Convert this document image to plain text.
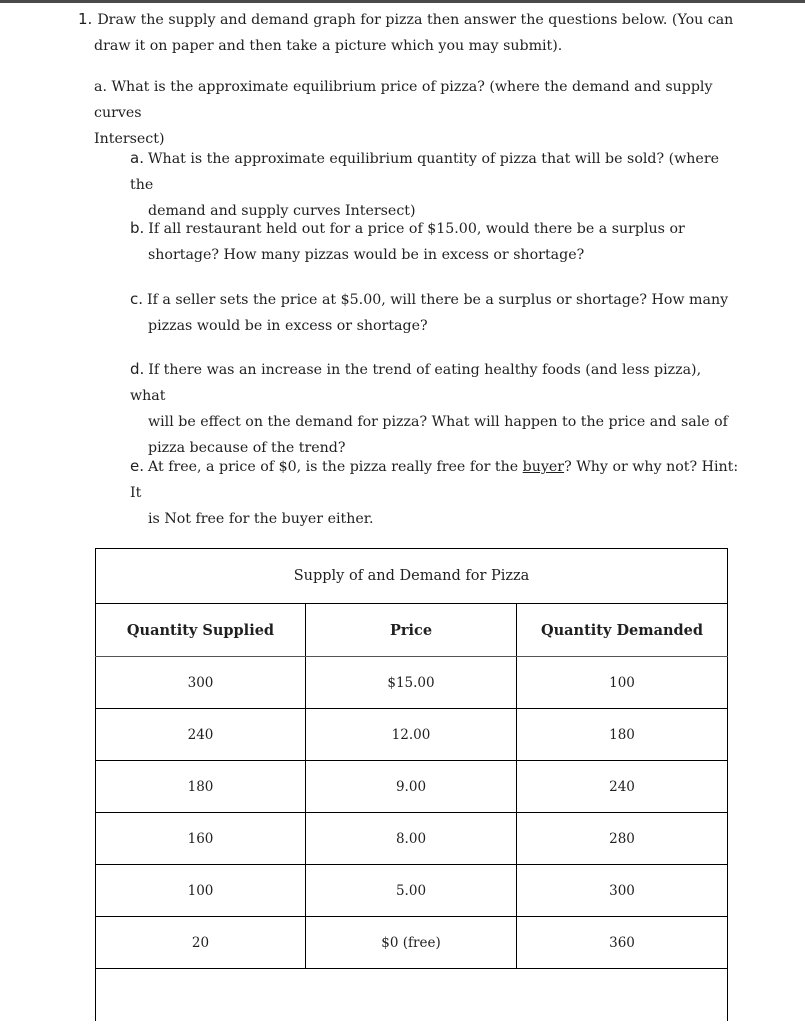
1. Draw the supply and demand graph for pizza then answer the questions below. (You can
draw it on paper and then take a picture which you may submit).
a. What is the approximate equilibrium price of pizza? (where the demand and supply curves
Intersect)
a. What is the approximate equilibrium quantity of pizza that will be sold? (where the
demand and supply curves Intersect)
b. If all restaurant held out for a price of $15.00, would there be a surplus or
shortage? How many pizzas would be in excess or shortage?
c. If a seller sets the price at $5.00, will there be a surplus or shortage? How many
pizzas would be in excess or shortage?
d. If there was an increase in the trend of eating healthy foods (and less pizza), what
will be effect on the demand for pizza? What will happen to the price and sale of
pizza because of the trend?
e. At free, a price of $0, is the pizza really free for the buyer? Why or why not? Hint: It
is Not free for the buyer either.
Supply of and Demand for Pizza		
Quantity Supplied	Price	Quantity Demanded
300	$15.00	100
240	12.00	180
180	9.00	240
160	8.00	280
100	5.00	300
20	$0 (free)	360
